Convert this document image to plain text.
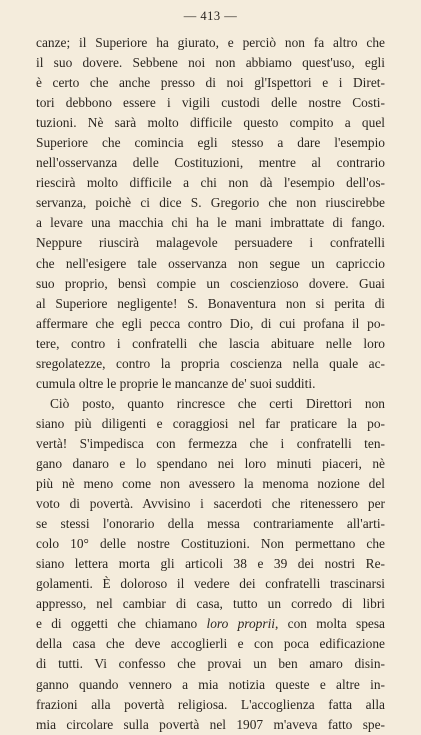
— 413 —
canze; il Superiore ha giurato, e perciò non fa altro che
il suo dovere. Sebbene noi non abbiamo quest'uso, egli
è certo che anche presso di noi gl'Ispettori e i Diret-
tori debbono essere i vigili custodi delle nostre Costi-
tuzioni. Nè sarà molto difficile questo compito a quel
Superiore che comincia egli stesso a dare l'esempio
nell'osservanza delle Costituzioni, mentre al contrario
riescirà molto difficile a chi non dà l'esempio dell'os-
servanza, poichè ci dice S. Gregorio che non riuscirebbe
a levare una macchia chi ha le mani imbrattate di fango.
Neppure riuscirà malagevole persuadere i confratelli
che nell'esigere tale osservanza non segue un capriccio
suo proprio, bensì compie un coscienzioso dovere. Guai
al Superiore negligente! S. Bonaventura non si perita di
affermare che egli pecca contro Dio, di cui profana il po-
tere, contro i confratelli che lascia abituare nelle loro
sregolatezze, contro la propria coscienza nella quale ac-
cumula oltre le proprie le mancanze de' suoi sudditi.
Ciò posto, quanto rincresce che certi Direttori non
siano più diligenti e coraggiosi nel far praticare la po-
vertà! S'impedisca con fermezza che i confratelli ten-
gano danaro e lo spendano nei loro minuti piaceri, nè
più nè meno come non avessero la menoma nozione del
voto di povertà. Avvisino i sacerdoti che ritenessero per
se stessi l'onorario della messa contrariamente all'arti-
colo 10° delle nostre Costituzioni. Non permettano che
siano lettera morta gli articoli 38 e 39 dei nostri Re-
golamenti. È doloroso il vedere dei confratelli trascinarsi
appresso, nel cambiar di casa, tutto un corredo di libri
e di oggetti che chiamano loro proprii, con molta spesa
della casa che deve accoglierli e con poca edificazione
di tutti. Vi confesso che provai un ben amaro disin-
ganno quando vennero a mia notizia queste e altre in-
frazioni alla povertà religiosa. L'accoglienza fatta alla
mia circolare sulla povertà nel 1907 m'aveva fatto spe-
